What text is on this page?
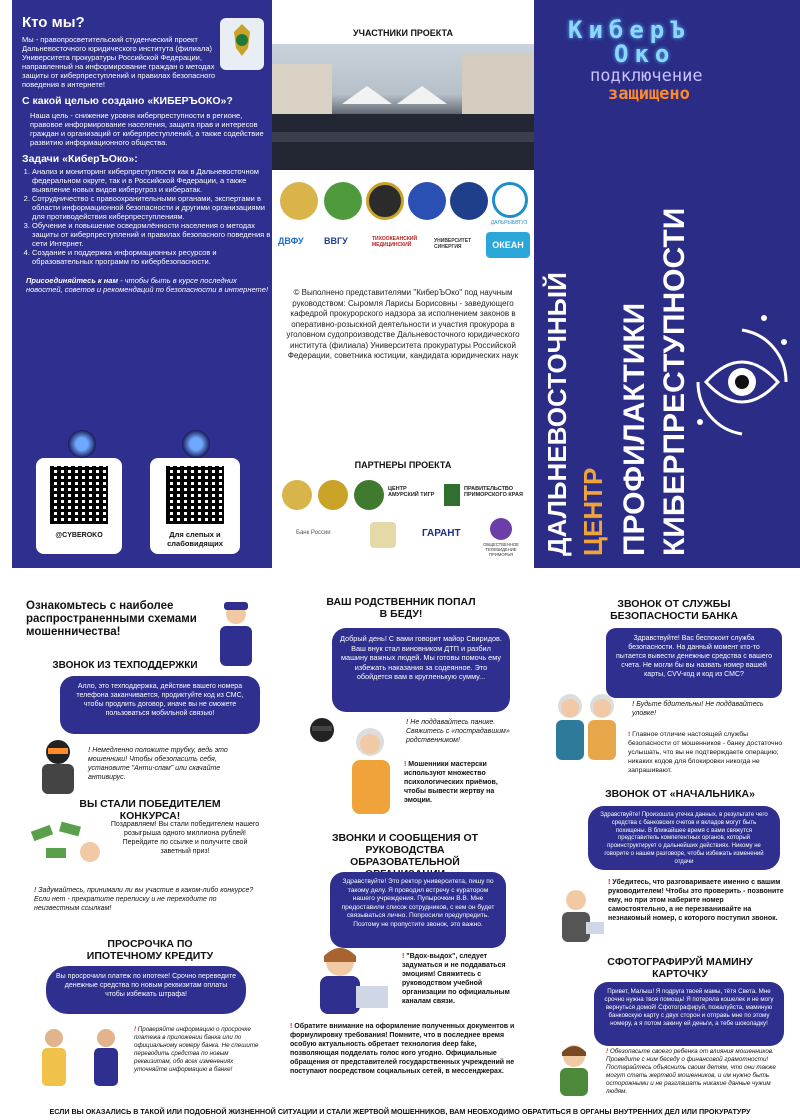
Кто мы?

Мы - правопросветительский студенческий проект Дальневосточного юридического института (филиала) Университета прокуратуры Российской Федерации, направленный на информирование граждан о методах защиты от киберпреступлений и правилах безопасного поведения в интернете!

С какой целью создано «КИБЕРЪОКО»?

Наша цель - снижение уровня киберпреступности в регионе, правовое информирование населения, защита прав и интересов граждан и организаций от киберпреступлений, а также содействие развитию информационного общества.

Задачи «КиберЪОко»:
1. Анализ и мониторинг киберпреступности как в Дальневосточном федеральном округе, так и в Российской Федерации, а также выявление новых видов киберугроз и кибератак.
2. Сотрудничество с правоохранительными органами, экспертами в области информационной безопасности и другими организациями для противодействия киберпреступлениям.
3. Обучение и повышение осведомлённости населения о методах защиты от киберпреступлений и правилах безопасного поведения в сети Интернет.
4. Создание и поддержка информационных ресурсов и образовательных программ по кибербезопасности.

Присоединяйтесь к нам - чтобы быть в курсе последних новостей, советов и рекомендаций по безопасности в интернете!

@CYBEROKO	Для слепых и слабовидящих
УЧАСТНИКИ ПРОЕКТА
ДАЛЬРЫБВТУЗ
ДВФУ ВВГУ	ТИХООКЕАНСКИЙ МЕДИЦИНСКИЙ
УНИВЕРСИТЕТ СИНЕРГИЯ	ОКЕАН
© Выполнено представителями "КиберЪОко" под научным руководством: Сыромля Ларисы Борисовны - заведующего кафедрой прокурорского надзора за исполнением законов в оперативно-розыскной деятельности и участия прокурора в уголовном судопроизводстве Дальневосточного юридического института (филиала) Университета прокуратуры Российской Федерации, советника юстиции, кандидата юридических наук
ПАРТНЕРЫ ПРОЕКТА
ЦЕНТР АМУРСКИЙ ТИГР
ПРАВИТЕЛЬСТВО ПРИМОРСКОГО КРАЯ
Банк России	ГАРАНТ
ОБЩЕСТВЕННОЕ ТЕЛЕВИДЕНИЕ ПРИМОРЬЯ
КиберЪ
Око
подключение
защищено
ДАЛЬНЕВОСТОЧНЫЙ ЦЕНТР ПРОФИЛАКТИКИ КИБЕРПРЕСТУПНОСТИ
Ознакомьтесь с наиболее распространенными схемами мошенничества!
ЗВОНОК ИЗ ТЕХПОДДЕРЖКИ
Алло, это техподдержка, действие вашего номера телефона заканчивается, продиктуйте код из СМС, чтобы продлить договор, иначе вы не сможете пользоваться мобильной связью!
! Немедленно положите трубку, ведь это мошенники! Чтобы обезопасить себя, установите "Анти-спам" или скачайте антивирус.
ВЫ СТАЛИ ПОБЕДИТЕЛЕМ КОНКУРСА!
Поздравляем! Вы стали победителем нашего розыгрыша одного миллиона рублей! Перейдите по ссылке и получите свой заветный приз!
! Задумайтесь, принимали ли вы участие в каком-либо конкурсе? Если нет - прекратите переписку и не переходите по неизвестным ссылкам!
ПРОСРОЧКА ПО ИПОТЕЧНОМУ КРЕДИТУ
Вы просрочили платеж по ипотеке! Срочно переведите денежные средства по новым реквизитам оплаты чтобы избежать штрафа!
! Проверяйте информацию о просрочке платежа в приложении банка или по официальному номеру банка. Не спешите переводить средства по новым реквизитам, обо всех изменениях уточняйте информацию в банке!
ВАШ РОДСТВЕННИК ПОПАЛ В БЕДУ!
Добрый день! С вами говорит майор Свиридов. Ваш внук стал виновником ДТП и разбил машину важных людей. Мы готовы помочь ему избежать наказания за содеянное. Это обойдется вам в кругленькую сумму...
! Не поддавайтесь панике. Свяжитесь с «пострадавшим» родственником!
! Мошенники мастерски используют множество психологических приёмов, чтобы вывести жертву на эмоции.
ЗВОНКИ И СООБЩЕНИЯ ОТ РУКОВОДСТВА ОБРАЗОВАТЕЛЬНОЙ
Здравствуйте! Это ректор университета, пишу по такому делу. Я проводил встречу с куратором нашего учреждения. Пупырочкин В.В. Мне предоставили список сотрудников, с кем он будет связываться лично. Попросили предупредить. Поэтому не пропустите звонок, это важно.
! "Вдох-выдох", следует задуматься и не поддаваться эмоциям! Свяжитесь с руководством учебной организации по официальным каналам связи.
! Обратите внимание на оформление полученных документов и формулировку требования! Помните, что в последнее время особую актуальность обретает технология deep fake, позволяющая подделать голос кого угодно. Официальные обращения от представителей государственных учреждений не поступают посредством социальных сетей, в мессенджерах.
ЗВОНОК ОТ СЛУЖБЫ БЕЗОПАСНОСТИ БАНКА
Здравствуйте! Вас беспокоит служба безопасности. На данный момент кто-то пытается вывести денежные средства с вашего счета. Не могли бы вы назвать номер вашей карты, CVV-код и код из СМС?
! Будьте бдительны! Не поддавайтесь уловке!
! Главное отличие настоящей службы безопасности от мошенников - банку достаточно услышать, что вы не подтверждаете операцию; никаких кодов для блокировки никогда не запрашивают.
ЗВОНОК ОТ «НАЧАЛЬНИКА»
Здравствуйте! Произошла утечка данных, в результате чего средства с банковских счетов и вкладов могут быть похищены. В ближайшее время с вами свяжутся представитель компетентных органов, который проинструктирует о дальнейших действиях. Никому не говорите о нашем разговоре, чтобы избежать изменений отдачи
! Убедитесь, что разговариваете именно с вашим руководителем! Чтобы это проверить - позвоните ему, но при этом наберите номер самостоятельно, а не перезванивайте на незнакомый номер, с которого поступил звонок.
СФОТОГРАФИРУЙ МАМИНУ КАРТОЧКУ
Привет, Малыш! Я подруга твоей мамы, тётя Света. Мне срочно нужна твоя помощь! Я потеряла кошелек и не могу вернуться домой! Сфотографируй, пожалуйста, маминую банковскую карту с двух сторон и отправь мне по этому номеру, а я потом закину ей деньги, а тебе шоколадку!
! Обезопасьте своего ребенка от влияния мошенников. Проведите с ним беседу о финансовой грамотности! Постарайтесь объяснить своим детям, что они также могут стать жертвой мошенников, и им нужно быть осторожными и не разглашать никакие данные чужим людям.
ЕСЛИ ВЫ ОКАЗАЛИСЬ В ТАКОЙ ИЛИ ПОДОБНОЙ ЖИЗНЕННОЙ СИТУАЦИИ И СТАЛИ ЖЕРТВОЙ МОШЕННИКОВ, ВАМ НЕОБХОДИМО ОБРАТИТЬСЯ В ОРГАНЫ ВНУТРЕННИХ ДЕЛ ИЛИ ПРОКУРАТУРУ
